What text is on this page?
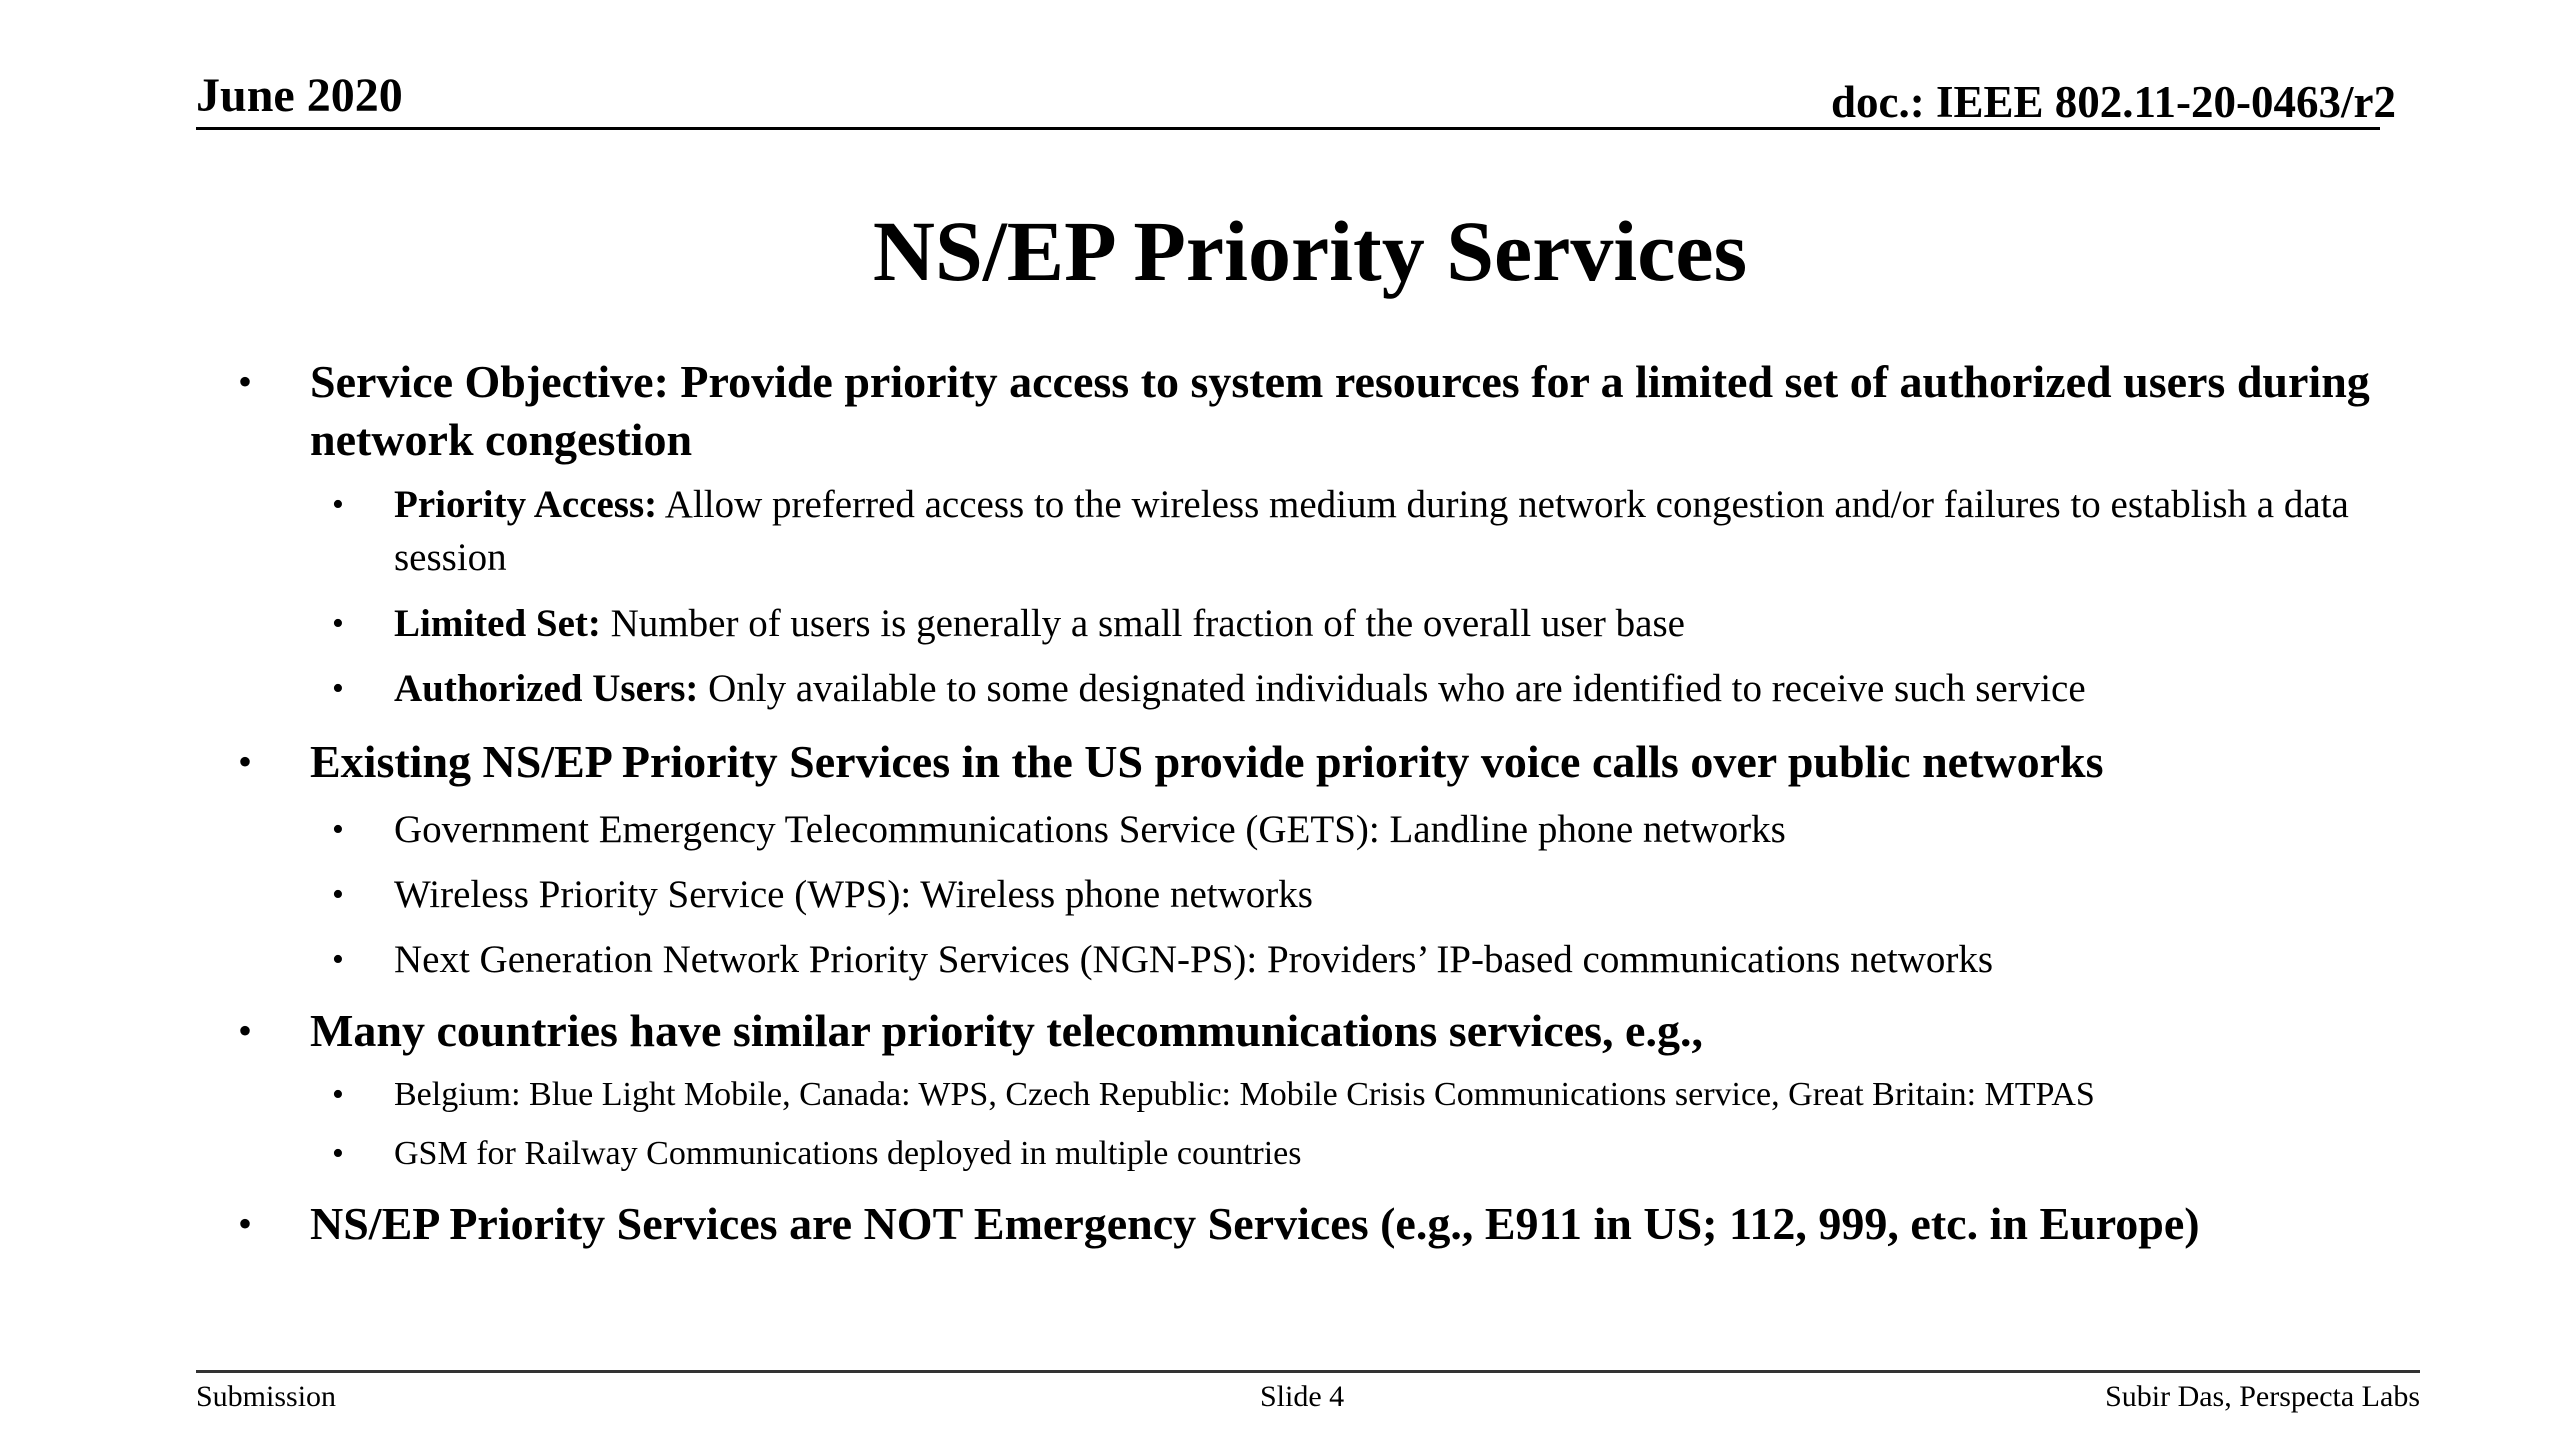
June 2020	doc.: IEEE 802.11-20-0463/r2
NS/EP Priority Services
• Service Objective: Provide priority access to system resources for a limited set of authorized users during network congestion
• Priority Access: Allow preferred access to the wireless medium during network congestion and/or failures to establish a data session
• Limited Set: Number of users is generally a small fraction of the overall user base
• Authorized Users: Only available to some designated individuals who are identified to receive such service
• Existing NS/EP Priority Services in the US provide priority voice calls over public networks
• Government Emergency Telecommunications Service (GETS): Landline phone networks
• Wireless Priority Service (WPS): Wireless phone networks
• Next Generation Network Priority Services (NGN-PS): Providers’ IP-based communications networks
• Many countries have similar priority telecommunications services, e.g.,
• Belgium: Blue Light Mobile, Canada: WPS, Czech Republic: Mobile Crisis Communications service, Great Britain: MTPAS
• GSM for Railway Communications deployed in multiple countries
• NS/EP Priority Services are NOT Emergency Services (e.g., E911 in US; 112, 999, etc. in Europe)
Submission	Slide 4	Subir Das, Perspecta Labs
